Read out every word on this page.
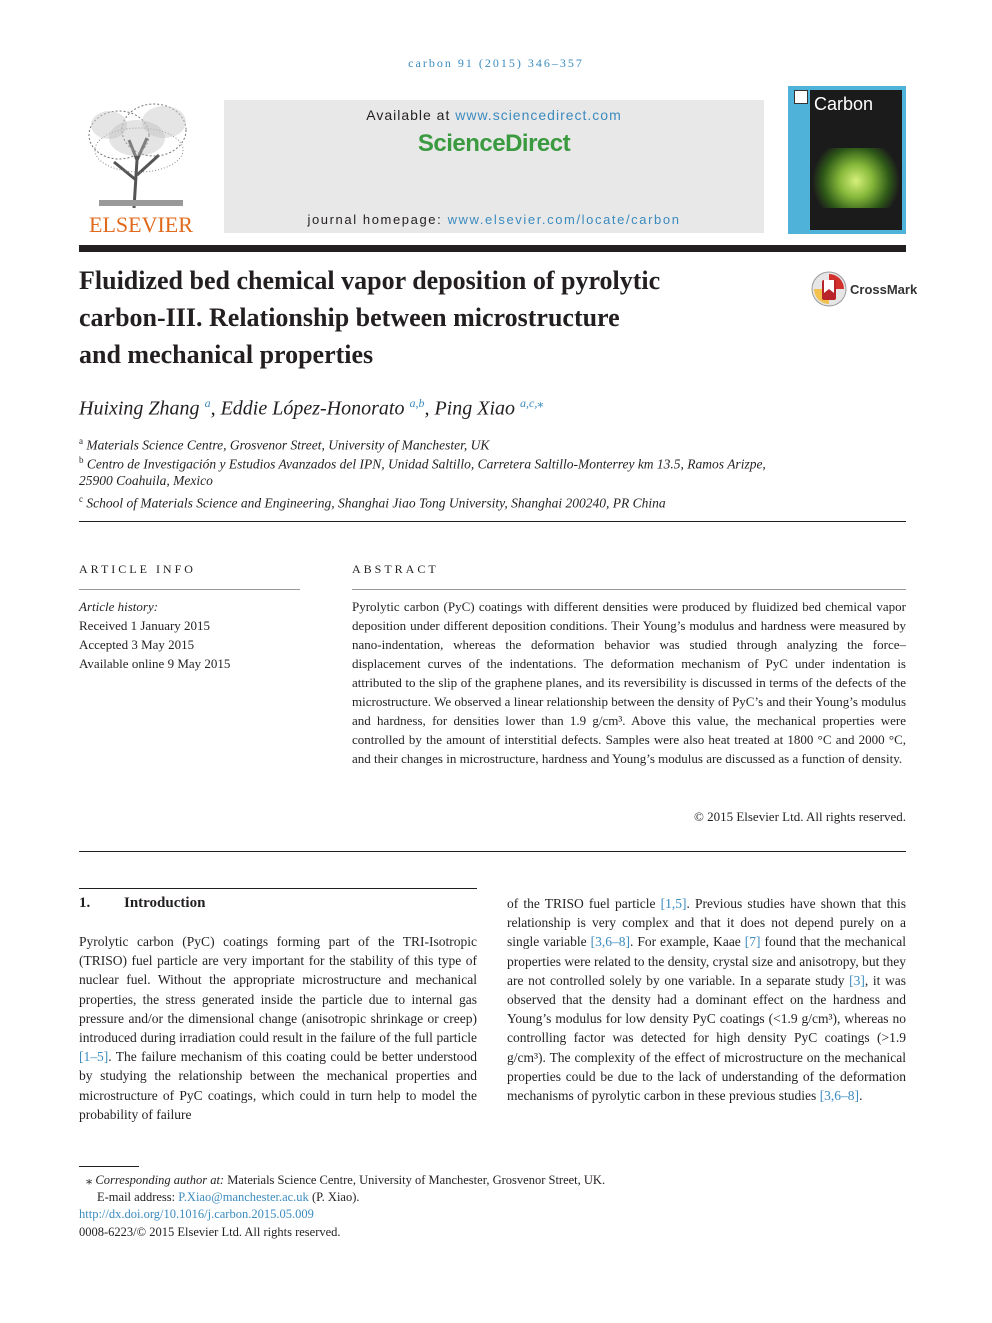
carbon 91 (2015) 346–357
ELSEVIER
Available at www.sciencedirect.com
ScienceDirect
journal homepage: www.elsevier.com/locate/carbon
Carbon
Fluidized bed chemical vapor deposition of pyrolytic
carbon-III. Relationship between microstructure
and mechanical properties
CrossMark
Huixing Zhang $^a$, Eddie López-Honorato $^{a,b}$, Ping Xiao $^{a,c,⁎}$
$^a$ Materials Science Centre, Grosvenor Street, University of Manchester, UK
$^b$ Centro de Investigación y Estudios Avanzados del IPN, Unidad Saltillo, Carretera Saltillo-Monterrey km 13.5, Ramos Arizpe,
25900 Coahuila, Mexico
$^c$ School of Materials Science and Engineering, Shanghai Jiao Tong University, Shanghai 200240, PR China
ARTICLE INFO
Article history:
Received 1 January 2015
Accepted 3 May 2015
Available online 9 May 2015
ABSTRACT
Pyrolytic carbon (PyC) coatings with different densities were produced by fluidized bed chemical vapor deposition under different deposition conditions. Their Young’s modulus and hardness were measured by nano-indentation, whereas the deformation behavior was studied through analyzing the force–displacement curves of the indentations. The deformation mechanism of PyC under indentation is attributed to the slip of the graphene planes, and its reversibility is discussed in terms of the defects of the microstructure. We observed a linear relationship between the density of PyC’s and their Young’s modulus and hardness, for densities lower than 1.9 g/cm³. Above this value, the mechanical properties were controlled by the amount of interstitial defects. Samples were also heat treated at 1800 °C and 2000 °C, and their changes in microstructure, hardness and Young’s modulus are discussed as a function of density.
© 2015 Elsevier Ltd. All rights reserved.
1. Introduction
Pyrolytic carbon (PyC) coatings forming part of the TRI-Isotropic (TRISO) fuel particle are very important for the stability of this type of nuclear fuel. Without the appropriate microstructure and mechanical properties, the stress generated inside the particle due to internal gas pressure and/or the dimensional change (anisotropic shrinkage or creep) introduced during irradiation could result in the failure of the full particle [1–5]. The failure mechanism of this coating could be better understood by studying the relationship between the mechanical properties and microstructure of PyC coatings, which could in turn help to model the probability of failure
of the TRISO fuel particle [1,5]. Previous studies have shown that this relationship is very complex and that it does not depend purely on a single variable [3,6–8]. For example, Kaae [7] found that the mechanical properties were related to the density, crystal size and anisotropy, but they are not controlled solely by one variable. In a separate study [3], it was observed that the density had a dominant effect on the hardness and Young’s modulus for low density PyC coatings (<1.9 g/cm³), whereas no controlling factor was detected for high density PyC coatings (>1.9 g/cm³). The complexity of the effect of microstructure on the mechanical properties could be due to the lack of understanding of the deformation mechanisms of pyrolytic carbon in these previous studies [3,6–8].
⁎ Corresponding author at: Materials Science Centre, University of Manchester, Grosvenor Street, UK.
E-mail address: P.Xiao@manchester.ac.uk (P. Xiao).
http://dx.doi.org/10.1016/j.carbon.2015.05.009
0008-6223/© 2015 Elsevier Ltd. All rights reserved.
